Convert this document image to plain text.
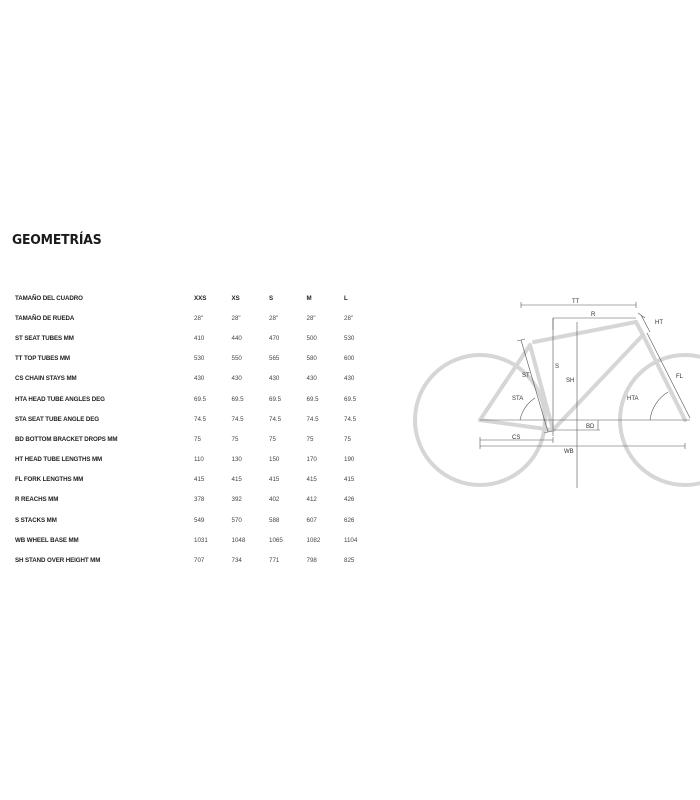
GEOMETRÍAS
TAMAÑO DEL CUADRO	XXS	XS	S	M	L
TAMAÑO DE RUEDA	28"	28"	28"	28"	28"
ST SEAT TUBES MM	410	440	470	500	530
TT TOP TUBES MM	530	550	565	580	600
CS CHAIN STAYS MM	430	430	430	430	430
HTA HEAD TUBE ANGLES DEG	69.5	69.5	69.5	69.5	69.5
STA SEAT TUBE ANGLE DEG	74.5	74.5	74.5	74.5	74.5
BD BOTTOM BRACKET DROPS MM	75	75	75	75	75
HT HEAD TUBE LENGTHS MM	110	130	150	170	190
FL FORK LENGTHS MM	415	415	415	415	415
R REACHS MM	378	392	402	412	426
S STACKS MM	549	570	588	607	626
WB WHEEL BASE MM	1031	1048	1065	1082	1104
SH STAND OVER HEIGHT MM	707	734	771	798	825
TT
R
HT
ST
S
SH
STA
FL
HTA
BD
CS
WB
